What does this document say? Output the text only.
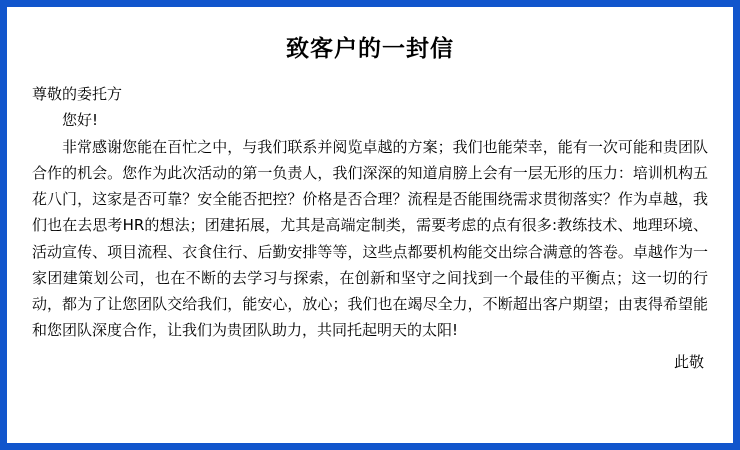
致客户的一封信
尊敬的委托方
您好!
非常感谢您能在百忙之中，与我们联系并阅览卓越的方案；我们也能荣幸，能有一次可能和贵团队合作的机会。您作为此次活动的第一负责人，我们深深的知道肩膀上会有一层无形的压力：培训机构五花八门，这家是否可靠？安全能否把控？价格是否合理？流程是否能围绕需求贯彻落实？作为卓越，我们也在去思考HR的想法；团建拓展，尤其是高端定制类，需要考虑的点有很多:教练技术、地理环境、活动宣传、项目流程、衣食住行、后勤安排等等，这些点都要机构能交出综合满意的答卷。卓越作为一家团建策划公司，也在不断的去学习与探索，在创新和坚守之间找到一个最佳的平衡点；这一切的行动，都为了让您团队交给我们，能安心，放心；我们也在竭尽全力，不断超出客户期望；由衷得希望能和您团队深度合作，让我们为贵团队助力，共同托起明天的太阳!
此敬
